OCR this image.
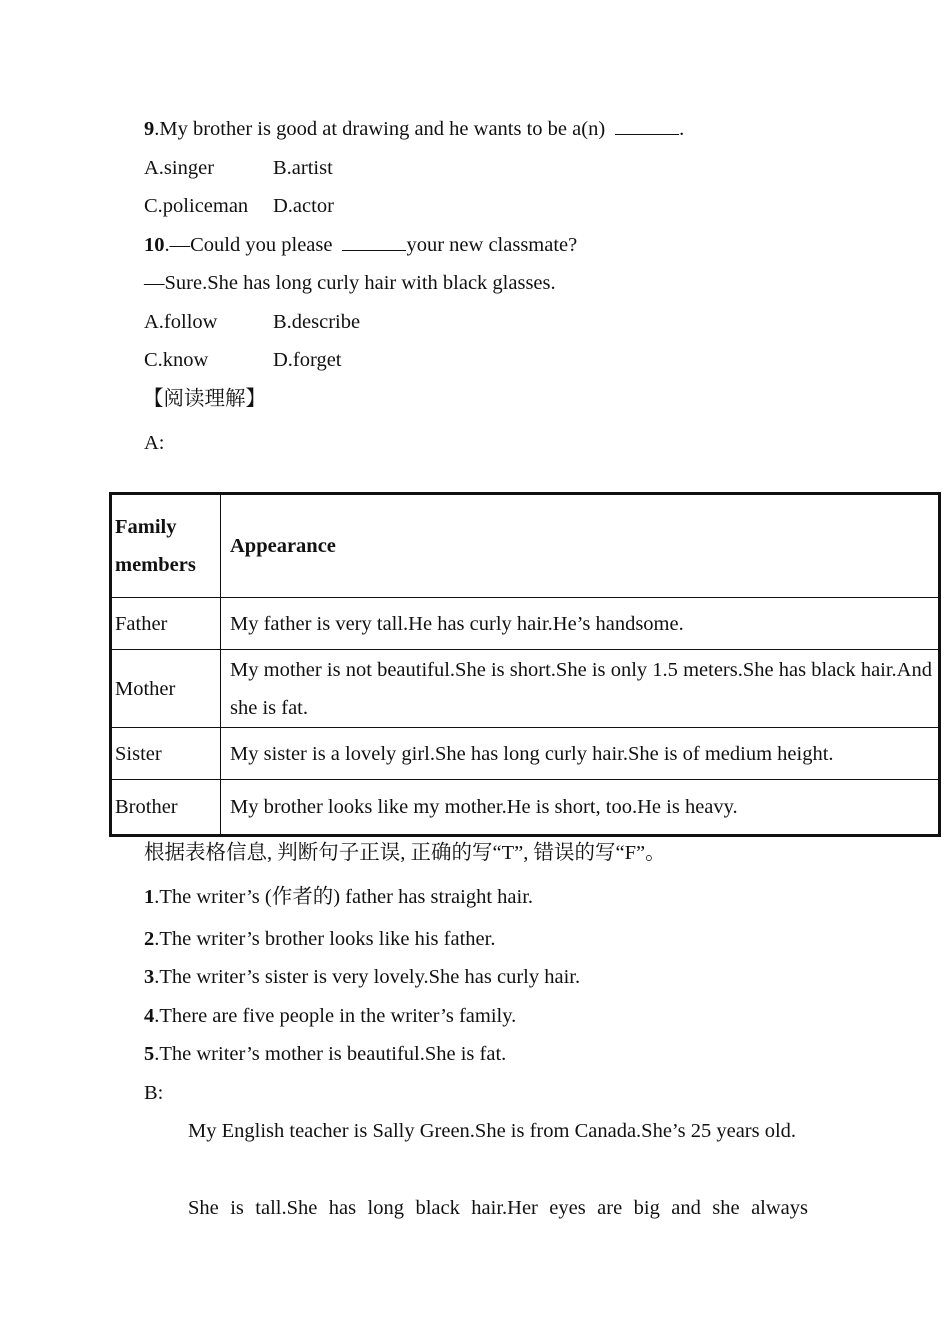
9.My brother is good at drawing and he wants to be a(n)	.
A.singer	B.artist
C.policeman D.actor
10.—Could you please	your new classmate?
—Sure.She has long curly hair with black glasses.
A.follow	B.describe
C.know	D.forget
【阅读理解】
A:
Family members	Appearance
Father	My father is very tall.He has curly hair.He’s handsome.
Mother	My mother is not beautiful.She is short.She is only 1.5 meters.She has black hair.And she is fat.
Sister	My sister is a lovely girl.She has long curly hair.She is of medium height.
Brother	My brother looks like my mother.He is short, too.He is heavy.
根据表格信息, 判断句子正误, 正确的写“T”, 错误的写“F”。
1.The writer’s (作者的) father has straight hair.
2.The writer’s brother looks like his father.
3.The writer’s sister is very lovely.She has curly hair.
4.There are five people in the writer’s family.
5.The writer’s mother is beautiful.She is fat.
B:
My English teacher is Sally Green.She is from Canada.She’s 25 years old.
She is tall.She has long black hair.Her eyes are big and she always
